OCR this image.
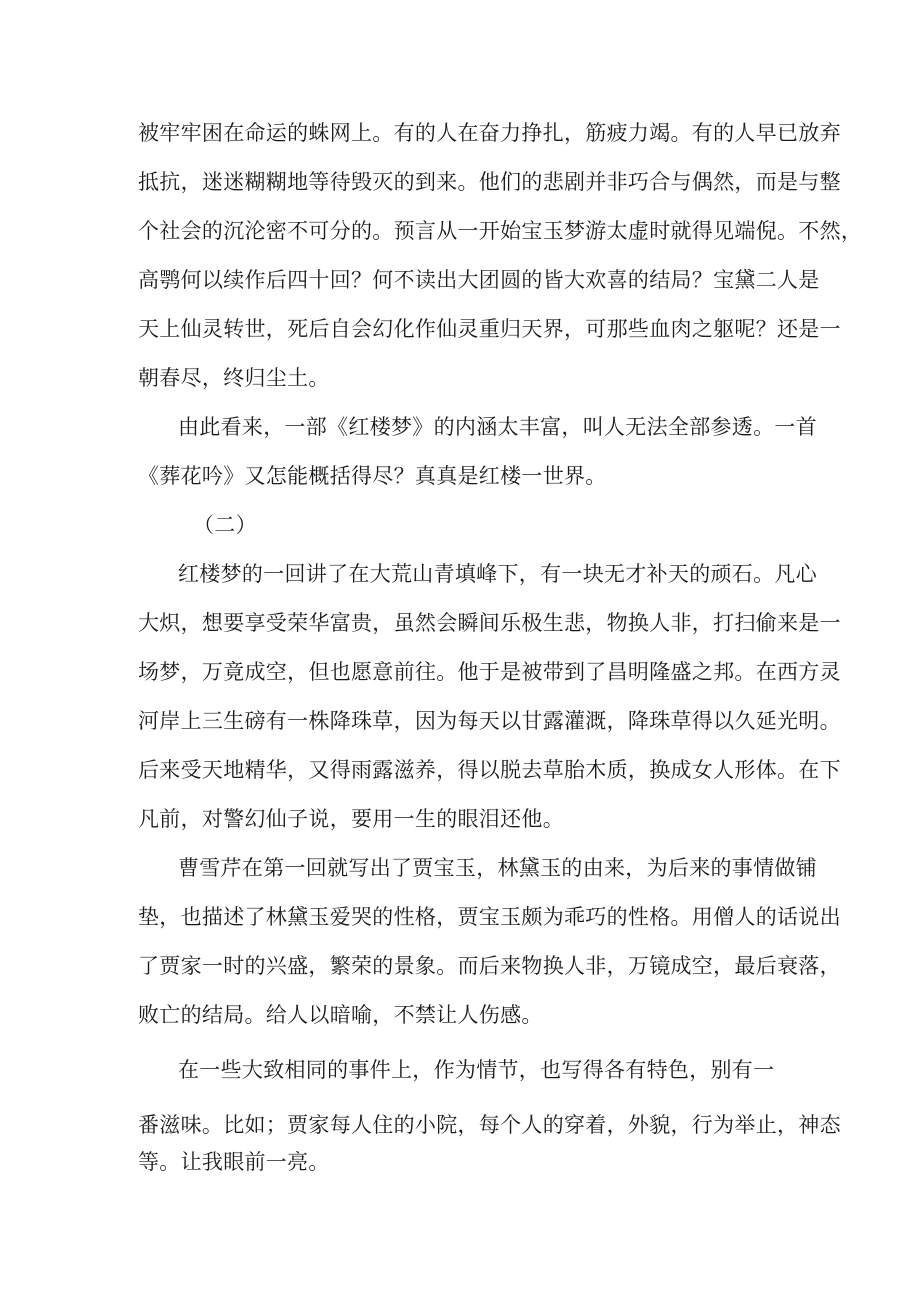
被牢牢困在命运的蛛网上。有的人在奋力挣扎，筋疲力竭。有的人早已放弃
抵抗，迷迷糊糊地等待毁灭的到来。他们的悲剧并非巧合与偶然，而是与整
个社会的沉沦密不可分的。预言从一开始宝玉梦游太虚时就得见端倪。不然，
高鹗何以续作后四十回？何不读出大团圆的皆大欢喜的结局？宝黛二人是
天上仙灵转世，死后自会幻化作仙灵重归天界，可那些血肉之躯呢？还是一
朝春尽，终归尘土。
由此看来，一部《红楼梦》的内涵太丰富，叫人无法全部参透。一首
《葬花吟》又怎能概括得尽？真真是红楼一世界。
（二）
红楼梦的一回讲了在大荒山青填峰下，有一块无才补天的顽石。凡心
大炽，想要享受荣华富贵，虽然会瞬间乐极生悲，物换人非，打扫偷来是一
场梦，万竟成空，但也愿意前往。他于是被带到了昌明隆盛之邦。在西方灵
河岸上三生磅有一株降珠草，因为每天以甘露灌溉，降珠草得以久延光明。
后来受天地精华，又得雨露滋养，得以脱去草胎木质，换成女人形体。在下
凡前，对警幻仙子说，要用一生的眼泪还他。
曹雪芹在第一回就写出了贾宝玉，林黛玉的由来，为后来的事情做铺
垫，也描述了林黛玉爱哭的性格，贾宝玉颇为乖巧的性格。用僧人的话说出
了贾家一时的兴盛，繁荣的景象。而后来物换人非，万镜成空，最后衰落，
败亡的结局。给人以暗喻，不禁让人伤感。
在一些大致相同的事件上，作为情节，也写得各有特色，别有一
番滋味。比如；贾家每人住的小院，每个人的穿着，外貌，行为举止，神态
等。让我眼前一亮。
